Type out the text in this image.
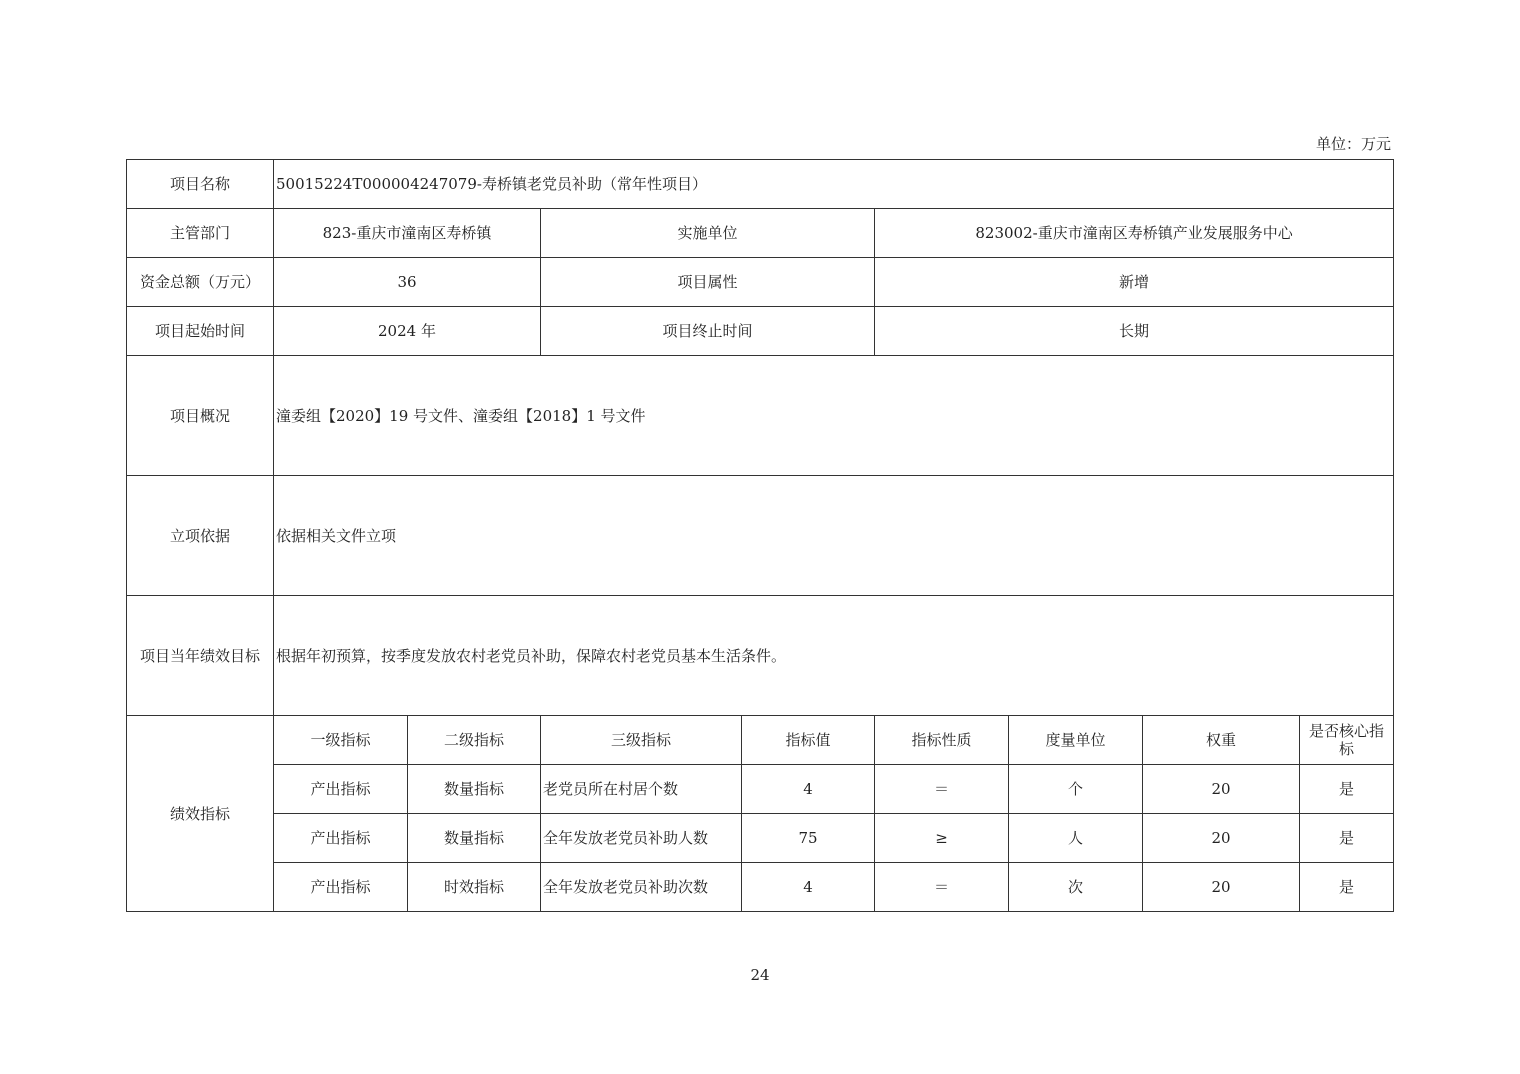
单位：万元
项目名称	50015224T000004247079-寿桥镇老党员补助（常年性项目）							
主管部门	823-重庆市潼南区寿桥镇		实施单位		823002-重庆市潼南区寿桥镇产业发展服务中心			
资金总额（万元）	36		项目属性		新增			
项目起始时间	2024 年		项目终止时间		长期			
项目概况	潼委组【2020】19 号文件、潼委组【2018】1 号文件							
立项依据	依据相关文件立项							
项目当年绩效目标	根据年初预算，按季度发放农村老党员补助，保障农村老党员基本生活条件。							
绩效指标	一级指标	二级指标	三级指标	指标值	指标性质	度量单位	权重	是否核心指标
	产出指标	数量指标	老党员所在村居个数	4	＝	个	20	是
	产出指标	数量指标	全年发放老党员补助人数	75	≥	人	20	是
	产出指标	时效指标	全年发放老党员补助次数	4	＝	次	20	是
24
